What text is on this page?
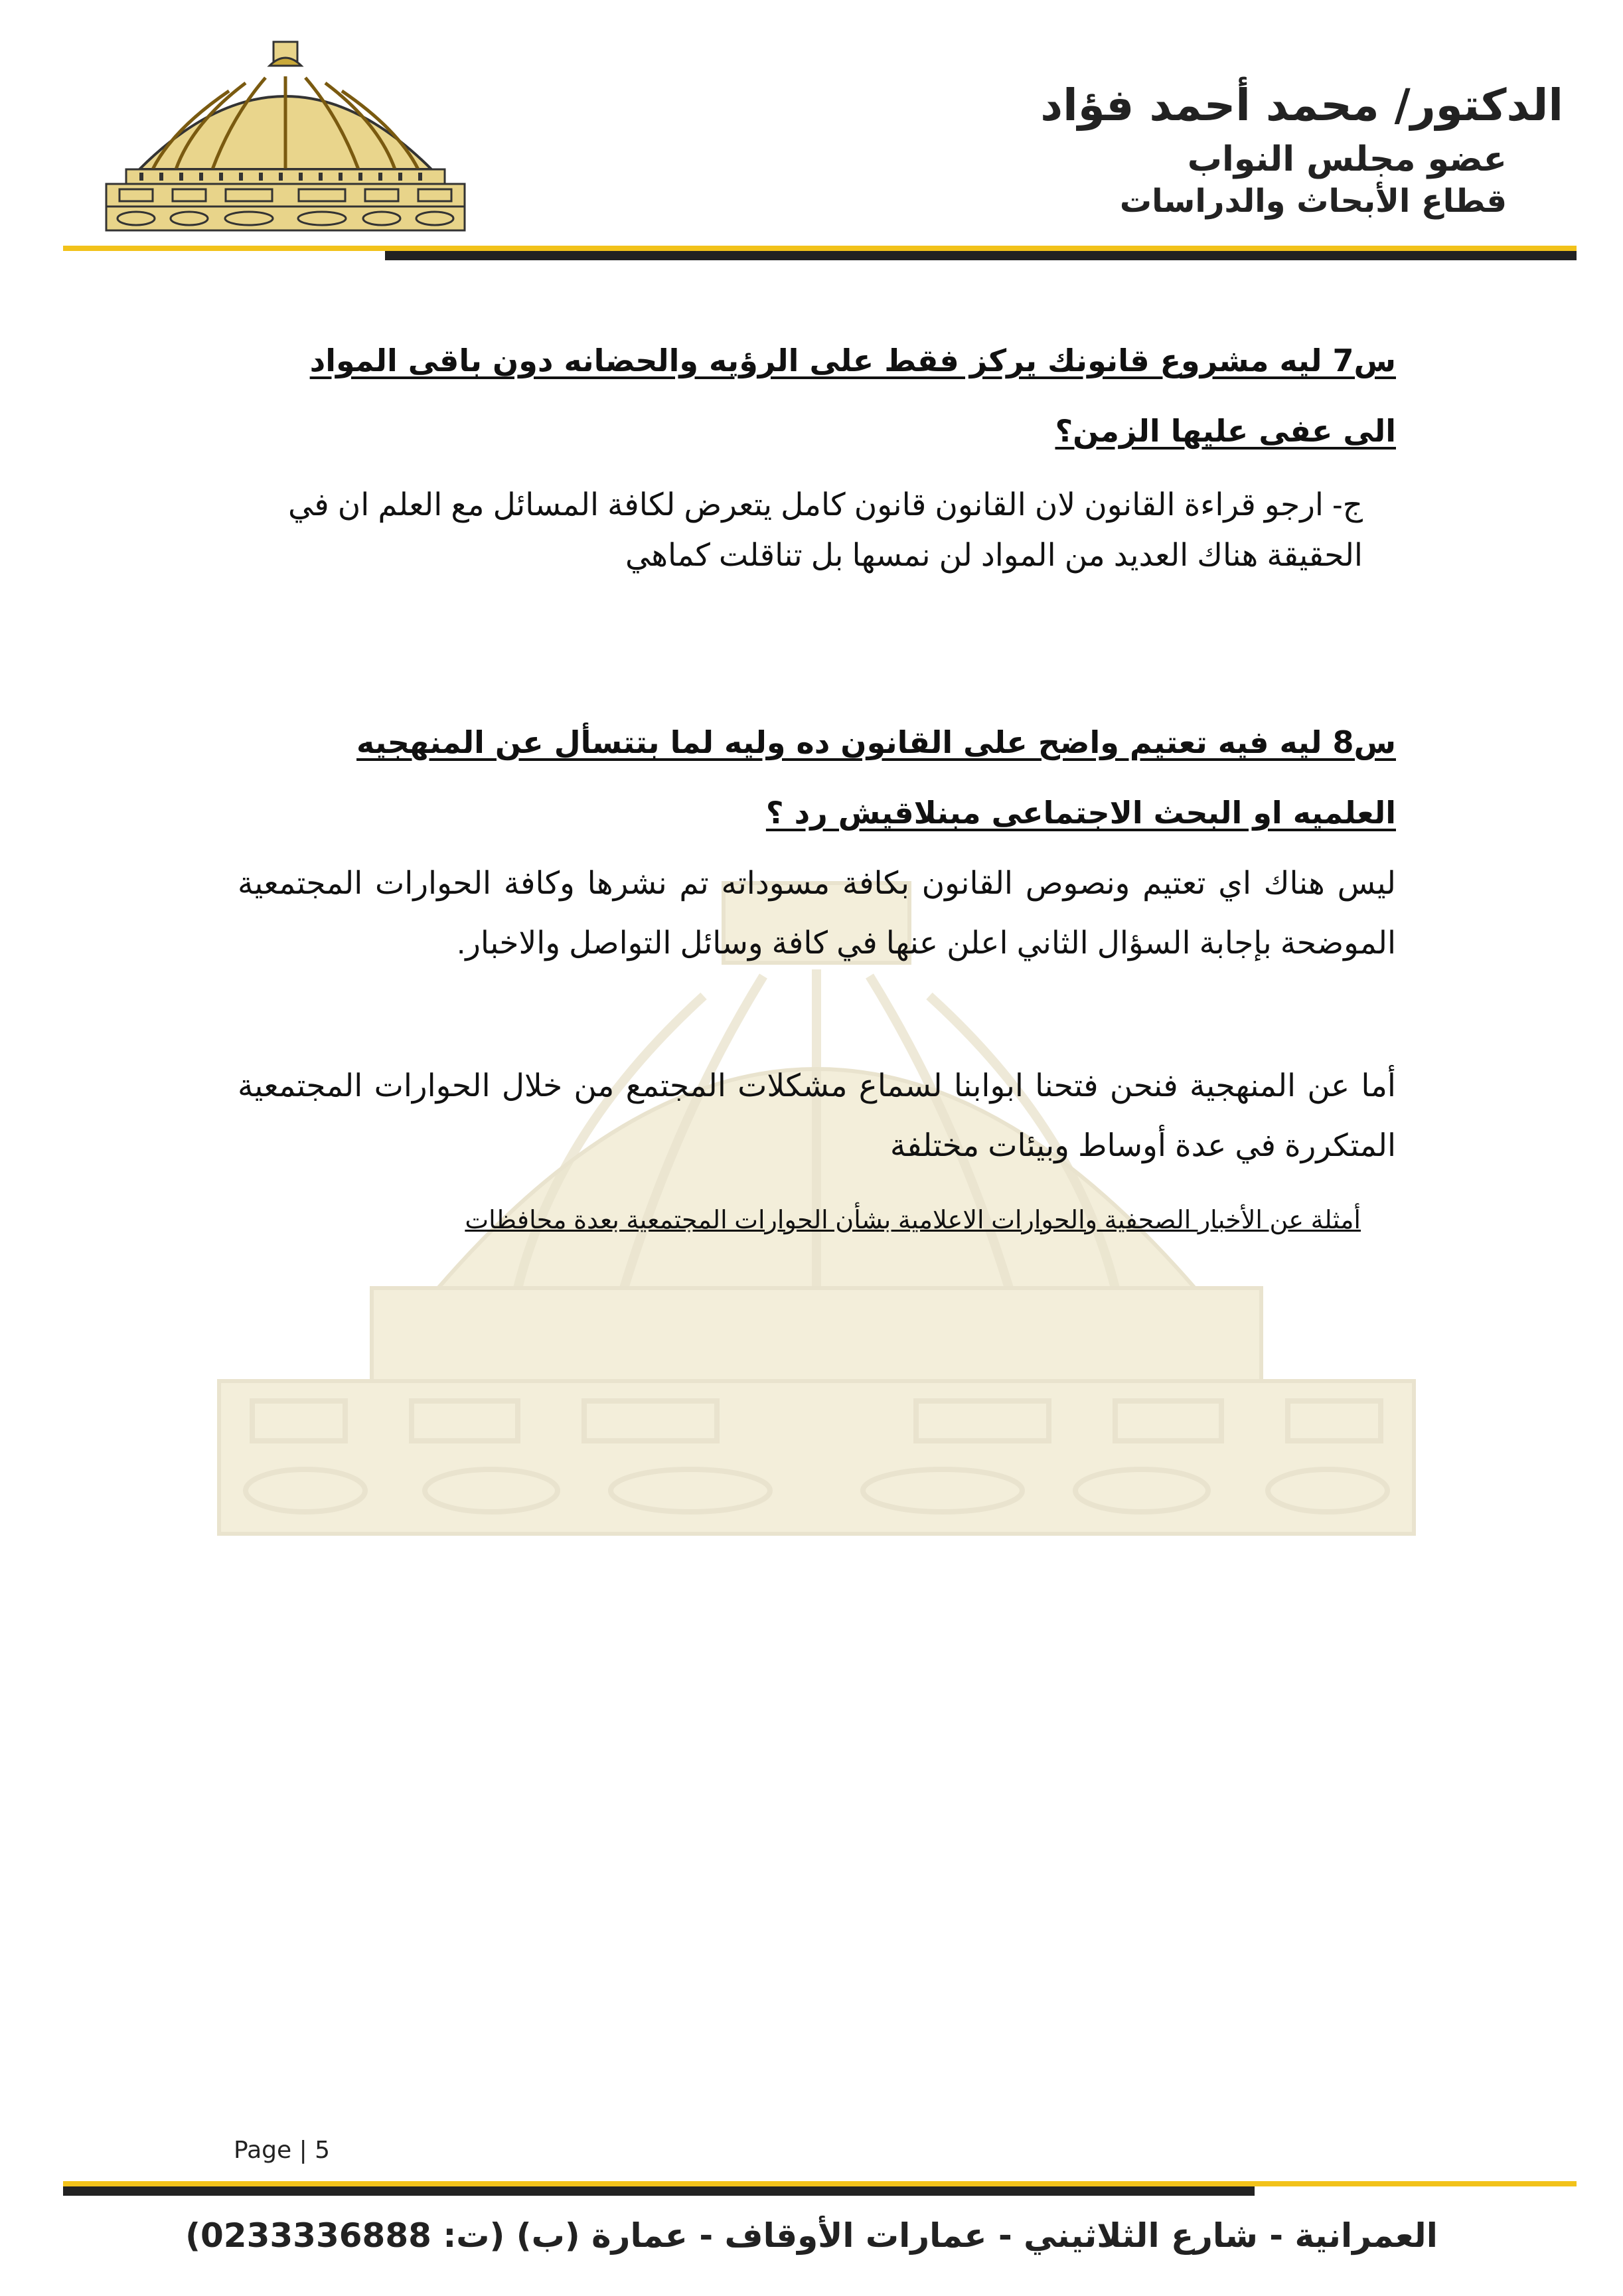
الدكتور/ محمد أحمد فؤاد
عضو مجلس النواب
قطاع الأبحاث والدراسات
س7 ليه مشروع قانونك يركز فقط على الرؤيه والحضانه دون باقى المواد الى عفى عليها الزمن؟
ج- ارجو قراءة القانون لان القانون قانون كامل يتعرض لكافة المسائل مع العلم ان في الحقيقة هناك العديد من المواد لن نمسها بل تناقلت كماهي
س8 ليه فيه تعتيم واضح على القانون ده وليه لما بتتسأل عن المنهجيه العلميه او البحث الاجتماعى مبنلاقيش رد ؟
ليس هناك اي تعتيم ونصوص القانون بكافة مسوداته تم نشرها وكافة الحوارات المجتمعية الموضحة بإجابة السؤال الثاني اعلن عنها في كافة وسائل التواصل والاخبار.
أما عن المنهجية فنحن فتحنا ابوابنا لسماع مشكلات المجتمع من خلال الحوارات المجتمعية المتكررة في عدة أوساط وبيئات مختلفة
أمثلة عن الأخبار الصحفية والحوارات الاعلامية بشأن الحوارات المجتمعية بعدة محافظات
Page | 5
العمرانية - شارع الثلاثيني - عمارات الأوقاف - عمارة (ب) (ت: 0233336888)
